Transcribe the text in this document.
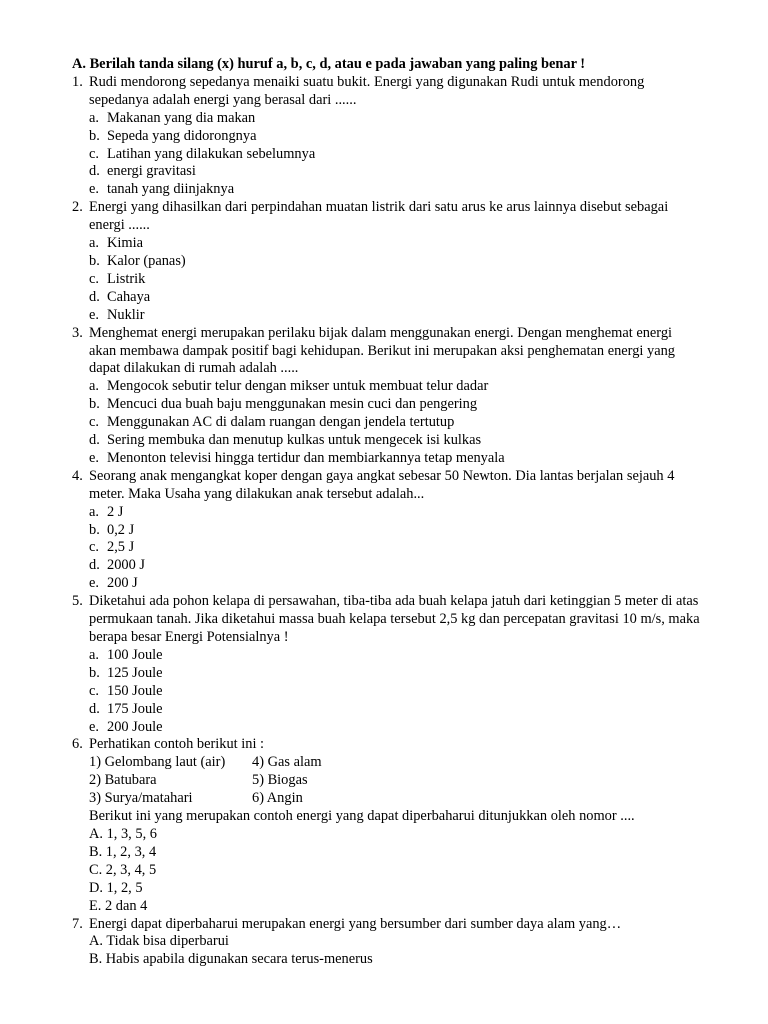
A. Berilah tanda silang (x) huruf a, b, c, d, atau e pada jawaban yang paling benar !
1. Rudi mendorong sepedanya menaiki suatu bukit. Energi yang digunakan Rudi untuk mendorong sepedanya adalah energi yang berasal dari ......
a. Makanan yang dia makan
b. Sepeda yang didorongnya
c. Latihan yang dilakukan sebelumnya
d. energi gravitasi
e. tanah yang diinjaknya
2. Energi yang dihasilkan dari perpindahan muatan listrik dari satu arus ke arus lainnya disebut sebagai energi ......
a. Kimia
b. Kalor (panas)
c. Listrik
d. Cahaya
e. Nuklir
3. Menghemat energi merupakan perilaku bijak dalam menggunakan energi. Dengan menghemat energi akan membawa dampak positif bagi kehidupan. Berikut ini merupakan aksi penghematan energi yang dapat dilakukan di rumah adalah .....
a. Mengocok sebutir telur dengan mikser untuk membuat telur dadar
b. Mencuci dua buah baju menggunakan mesin cuci dan pengering
c. Menggunakan AC di dalam ruangan dengan jendela tertutup
d. Sering membuka dan menutup kulkas untuk mengecek isi kulkas
e. Menonton televisi hingga tertidur dan membiarkannya tetap menyala
4. Seorang anak mengangkat koper dengan gaya angkat sebesar 50 Newton. Dia lantas berjalan sejauh 4 meter. Maka Usaha yang dilakukan anak tersebut adalah...
a. 2 J
b. 0,2 J
c. 2,5 J
d. 2000 J
e. 200 J
5. Diketahui ada pohon kelapa di persawahan, tiba-tiba ada buah kelapa jatuh dari ketinggian 5 meter di atas permukaan tanah. Jika diketahui massa buah kelapa tersebut 2,5 kg dan percepatan gravitasi 10 m/s, maka berapa besar Energi Potensialnya !
a. 100 Joule
b. 125 Joule
c. 150 Joule
d. 175 Joule
e. 200 Joule
6. Perhatikan contoh berikut ini :
1) Gelombang laut (air)	4) Gas alam
2) Batubara	5) Biogas
3) Surya/matahari	6) Angin
Berikut ini yang merupakan contoh energi yang dapat diperbaharui ditunjukkan oleh nomor ....
A. 1, 3, 5, 6
B. 1, 2, 3, 4
C. 2, 3, 4, 5
D. 1, 2, 5
E. 2 dan 4
7. Energi dapat diperbaharui merupakan energi yang bersumber dari sumber daya alam yang…
A. Tidak bisa diperbarui
B. Habis apabila digunakan secara terus-menerus
